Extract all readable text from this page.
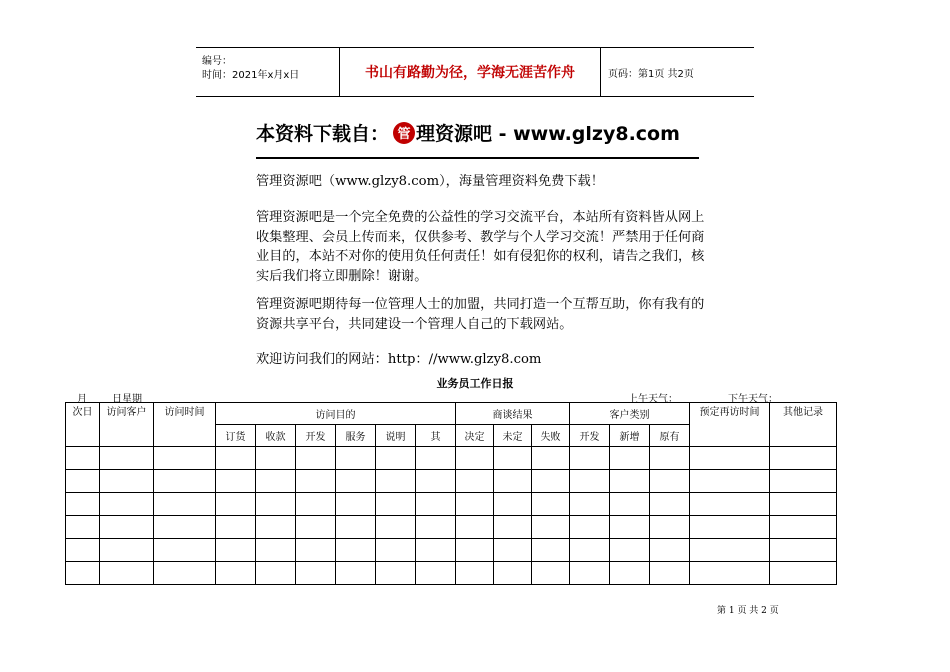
编号：
时间：2021年x月x日	书山有路勤为径，学海无涯苦作舟	页码：第1页 共2页
本资料下载自： 管 理资源吧 - www.glzy8.com
管理资源吧（www.glzy8.com），海量管理资料免费下载！
管理资源吧是一个完全免费的公益性的学习交流平台，本站所有资料皆从网上收集整理、会员上传而来，仅供参考、教学与个人学习交流！严禁用于任何商业目的，本站不对你的使用负任何责任！如有侵犯你的权利，请告之我们，核实后我们将立即删除！谢谢。
管理资源吧期待每一位管理人士的加盟，共同打造一个互帮互助，你有我有的资源共享平台，共同建设一个管理人自己的下载网站。
欢迎访问我们的网站：http：//www.glzy8.com
业务员工作日报
月	日星期	上午天气：	下午天气：
次日	访问客户	访问时间	访问目的						商谈结果			客户类别			预定再访时间	其他记录
			订货	收款	开发	服务	说明	其	决定	未定	失败	开发	新增	原有		

第 1 页 共 2 页
